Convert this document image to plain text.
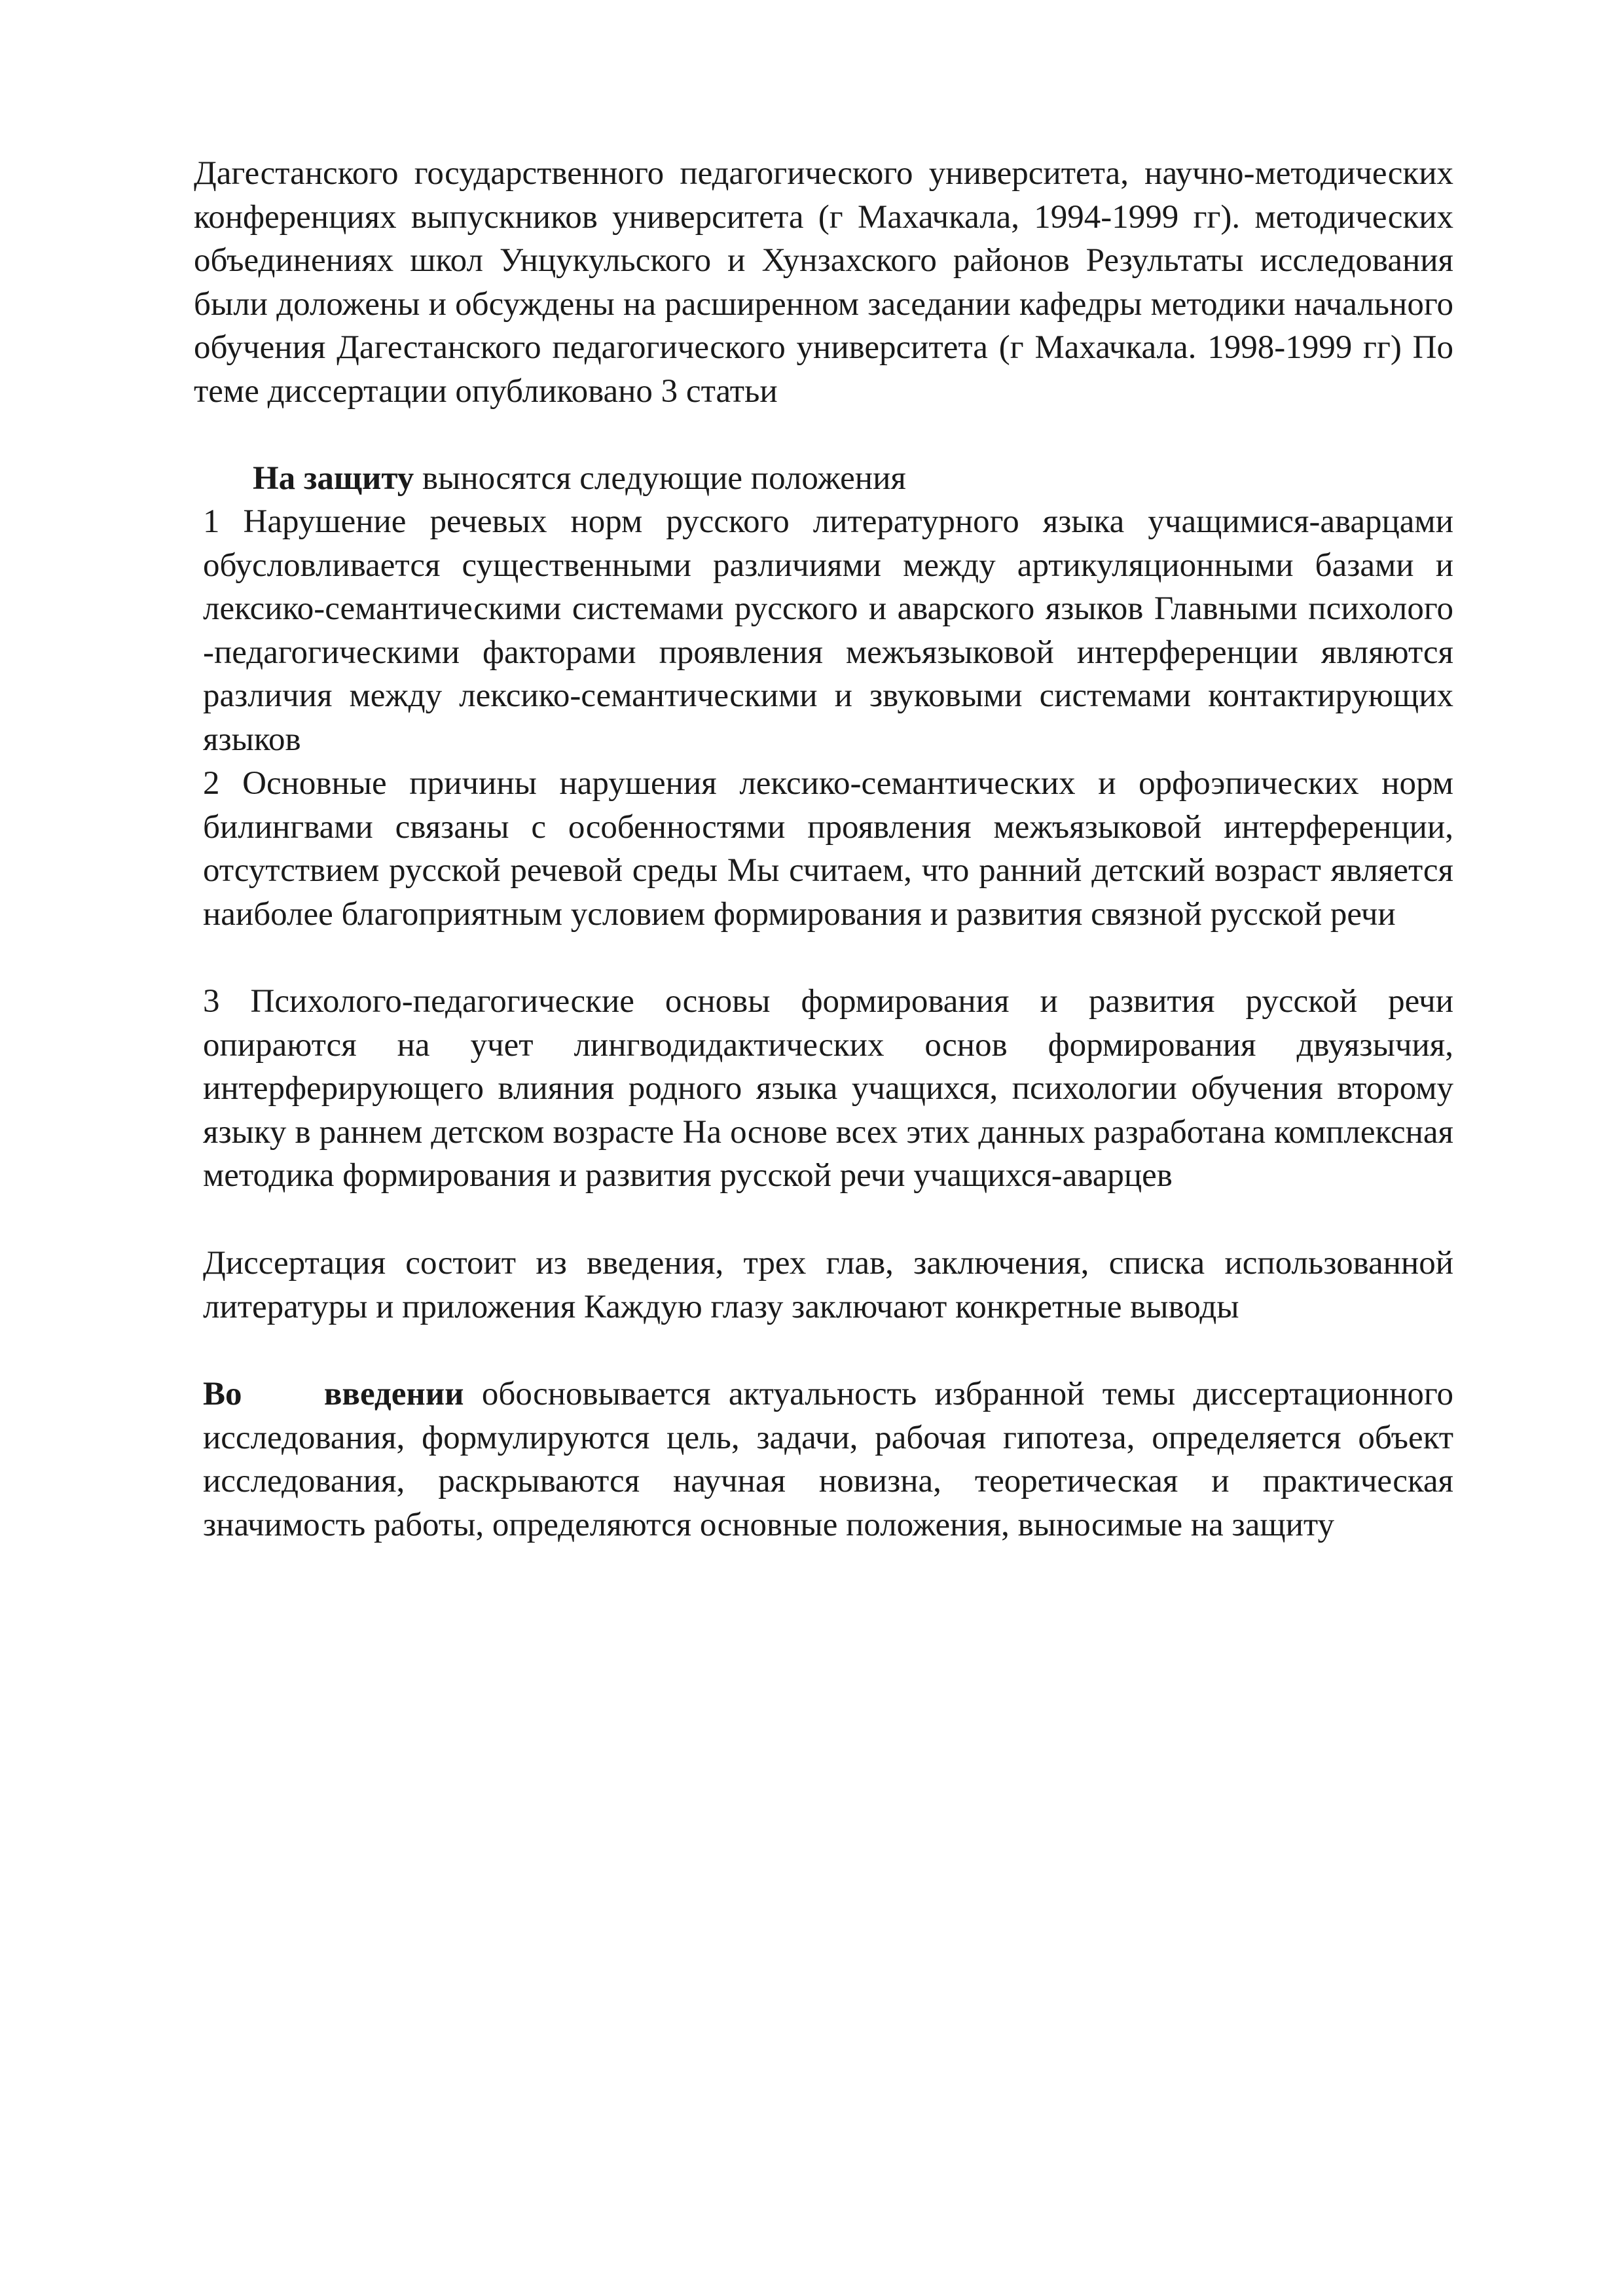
Дагестанского государственного педагогического университета, научно-методических конференциях выпускников университета (г Махачкала, 1994-1999 гг). методических объединениях школ Унцукульского и Хунзахского районов Результаты исследования были доложены и обсуждены на расширенном заседании кафедры методики начального обучения Дагестанского педагогического университета (г Махачкала. 1998-1999 гг) По теме диссертации опубликовано 3 статьи

На защиту выносятся следующие положения

1 Нарушение речевых норм русского литературного языка учащимися-аварцами обусловливается существенными различиями между артикуляционными базами и лексико-семантическими системами русского и аварского языков Главными психолого -педагогическими факторами проявления межъязыковой интерференции являются различия между лексико-семантическими и звуковыми системами контактирующих языков

2 Основные причины нарушения лексико-семантических и орфоэпических норм билингвами связаны с особенностями проявления межъязыковой интерференции, отсутствием русской речевой среды Мы считаем, что ранний детский возраст является наиболее благоприятным условием формирования и развития связной русской речи

3 Психолого-педагогические основы формирования и развития русской речи опираются на учет лингводидактических основ формирования двуязычия, интерферирующего влияния родного языка учащихся, психологии обучения второму языку в раннем детском возрасте На основе всех этих данных разработана комплексная методика формирования и развития русской речи учащихся-аварцев

Диссертация состоит из введения, трех глав, заключения, списка использованной литературы и приложения Каждую глазу заключают конкретные выводы

Во введении обосновывается актуальность избранной темы диссертационного исследования, формулируются цель, задачи, рабочая гипотеза, определяется объект исследования, раскрываются научная новизна, теоретическая и практическая значимость работы, определяются основные положения, выносимые на защиту
